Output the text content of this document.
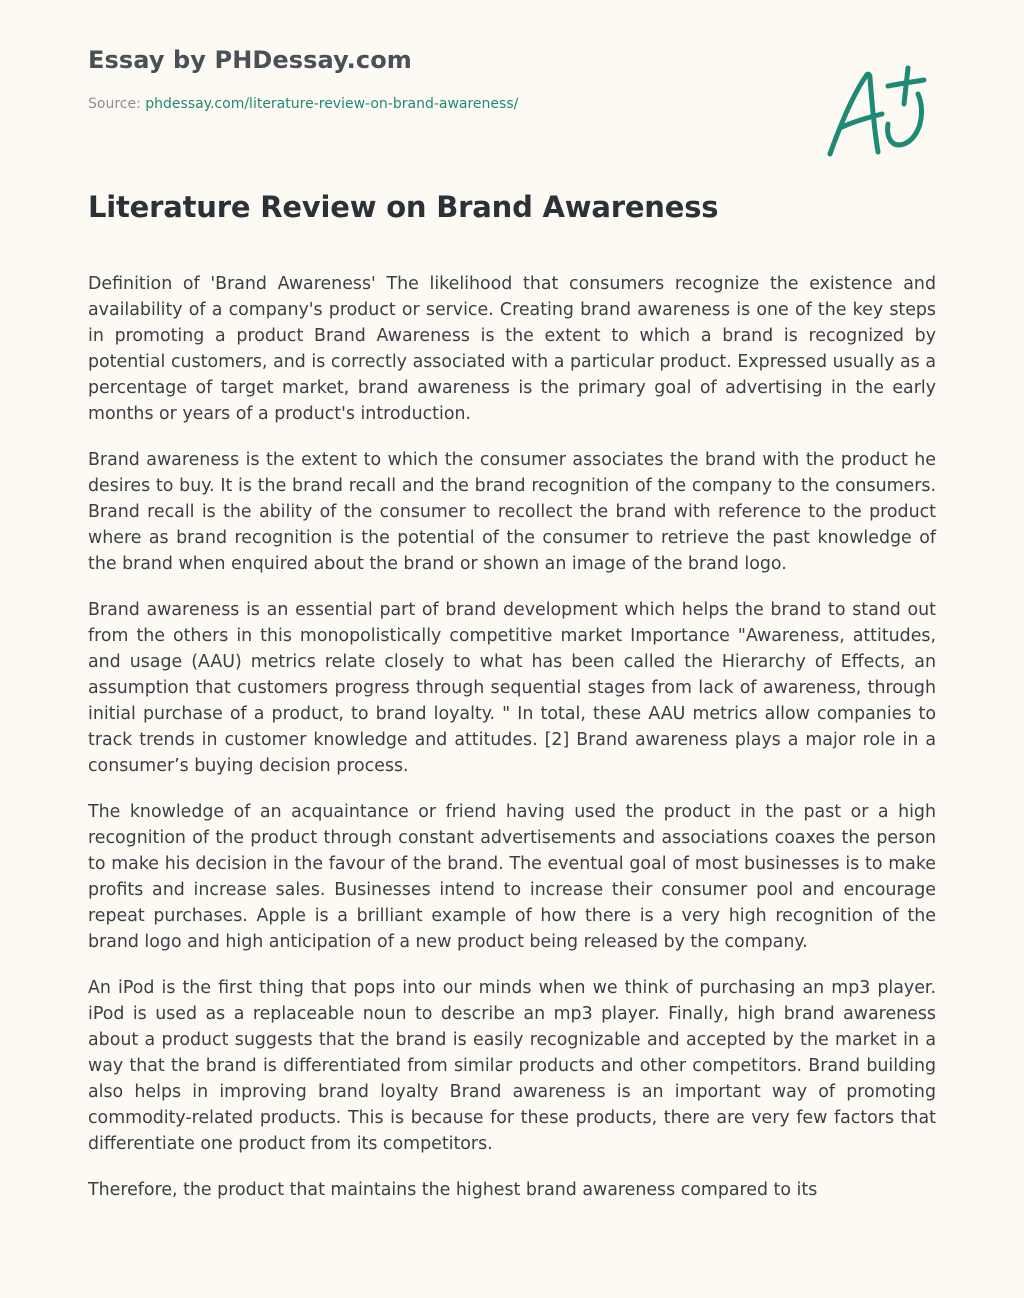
Essay by PHDessay.com
Source: phdessay.com/literature-review-on-brand-awareness/
Literature Review on Brand Awareness

Definition of 'Brand Awareness' The likelihood that consumers recognize the existence and availability of a company's product or service. Creating brand awareness is one of the key steps in promoting a product Brand Awareness is the extent to which a brand is recognized by potential customers, and is correctly associated with a particular product. Expressed usually as a percentage of target market, brand awareness is the primary goal of advertising in the early months or years of a product's introduction.

Brand awareness is the extent to which the consumer associates the brand with the product he desires to buy. It is the brand recall and the brand recognition of the company to the consumers. Brand recall is the ability of the consumer to recollect the brand with reference to the product where as brand recognition is the potential of the consumer to retrieve the past knowledge of the brand when enquired about the brand or shown an image of the brand logo.

Brand awareness is an essential part of brand development which helps the brand to stand out from the others in this monopolistically competitive market Importance "Awareness, attitudes, and usage (AAU) metrics relate closely to what has been called the Hierarchy of Effects, an assumption that customers progress through sequential stages from lack of awareness, through initial purchase of a product, to brand loyalty. " In total, these AAU metrics allow companies to track trends in customer knowledge and attitudes. [2] Brand awareness plays a major role in a consumer’s buying decision process.

The knowledge of an acquaintance or friend having used the product in the past or a high recognition of the product through constant advertisements and associations coaxes the person to make his decision in the favour of the brand. The eventual goal of most businesses is to make profits and increase sales. Businesses intend to increase their consumer pool and encourage repeat purchases. Apple is a brilliant example of how there is a very high recognition of the brand logo and high anticipation of a new product being released by the company.

An iPod is the first thing that pops into our minds when we think of purchasing an mp3 player. iPod is used as a replaceable noun to describe an mp3 player. Finally, high brand awareness about a product suggests that the brand is easily recognizable and accepted by the market in a way that the brand is differentiated from similar products and other competitors. Brand building also helps in improving brand loyalty Brand awareness is an important way of promoting commodity-related products. This is because for these products, there are very few factors that differentiate one product from its competitors.

Therefore, the product that maintains the highest brand awareness compared to its
